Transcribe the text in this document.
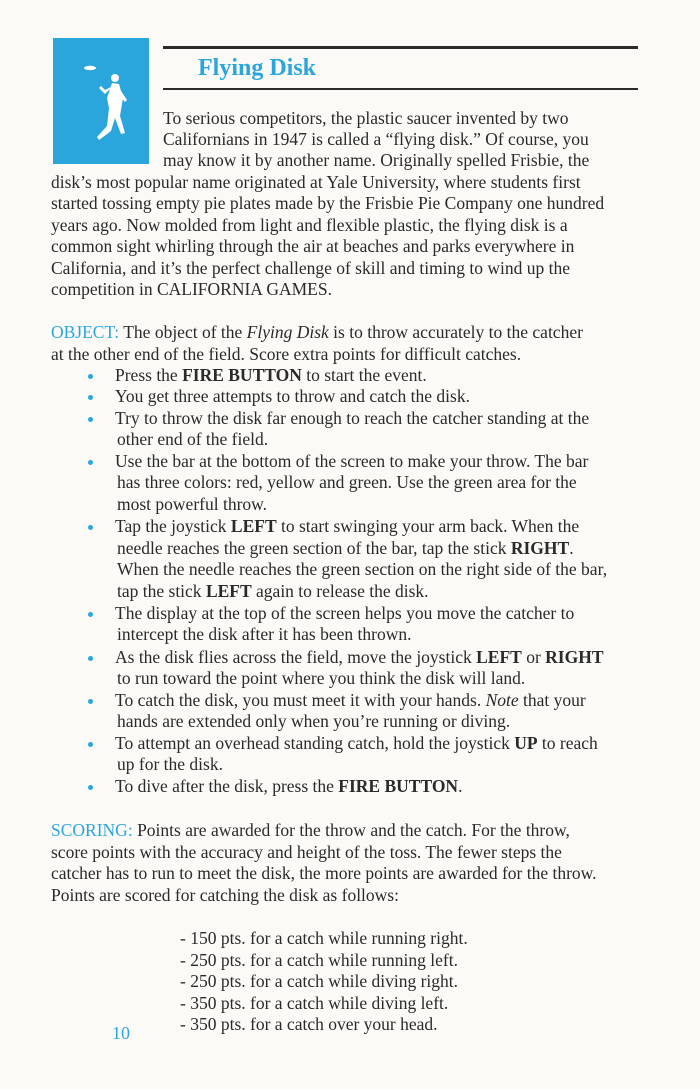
Flying Disk
To serious competitors, the plastic saucer invented by two
Californians in 1947 is called a “flying disk.” Of course, you
may know it by another name. Originally spelled Frisbie, the
disk’s most popular name originated at Yale University, where students first
started tossing empty pie plates made by the Frisbie Pie Company one hundred
years ago. Now molded from light and flexible plastic, the flying disk is a
common sight whirling through the air at beaches and parks everywhere in
California, and it’s the perfect challenge of skill and timing to wind up the
competition in CALIFORNIA GAMES.
OBJECT: The object of the Flying Disk is to throw accurately to the catcher
at the other end of the field. Score extra points for difficult catches.
Press the FIRE BUTTON to start the event.
You get three attempts to throw and catch the disk.
Try to throw the disk far enough to reach the catcher standing at the
other end of the field.
Use the bar at the bottom of the screen to make your throw. The bar
has three colors: red, yellow and green. Use the green area for the
most powerful throw.
Tap the joystick LEFT to start swinging your arm back. When the
needle reaches the green section of the bar, tap the stick RIGHT.
When the needle reaches the green section on the right side of the bar,
tap the stick LEFT again to release the disk.
The display at the top of the screen helps you move the catcher to
intercept the disk after it has been thrown.
As the disk flies across the field, move the joystick LEFT or RIGHT
to run toward the point where you think the disk will land.
To catch the disk, you must meet it with your hands. Note that your
hands are extended only when you’re running or diving.
To attempt an overhead standing catch, hold the joystick UP to reach
up for the disk.
To dive after the disk, press the FIRE BUTTON.
SCORING: Points are awarded for the throw and the catch. For the throw,
score points with the accuracy and height of the toss. The fewer steps the
catcher has to run to meet the disk, the more points are awarded for the throw.
Points are scored for catching the disk as follows:
- 150 pts. for a catch while running right.
- 250 pts. for a catch while running left.
- 250 pts. for a catch while diving right.
- 350 pts. for a catch while diving left.
- 350 pts. for a catch over your head.
10
